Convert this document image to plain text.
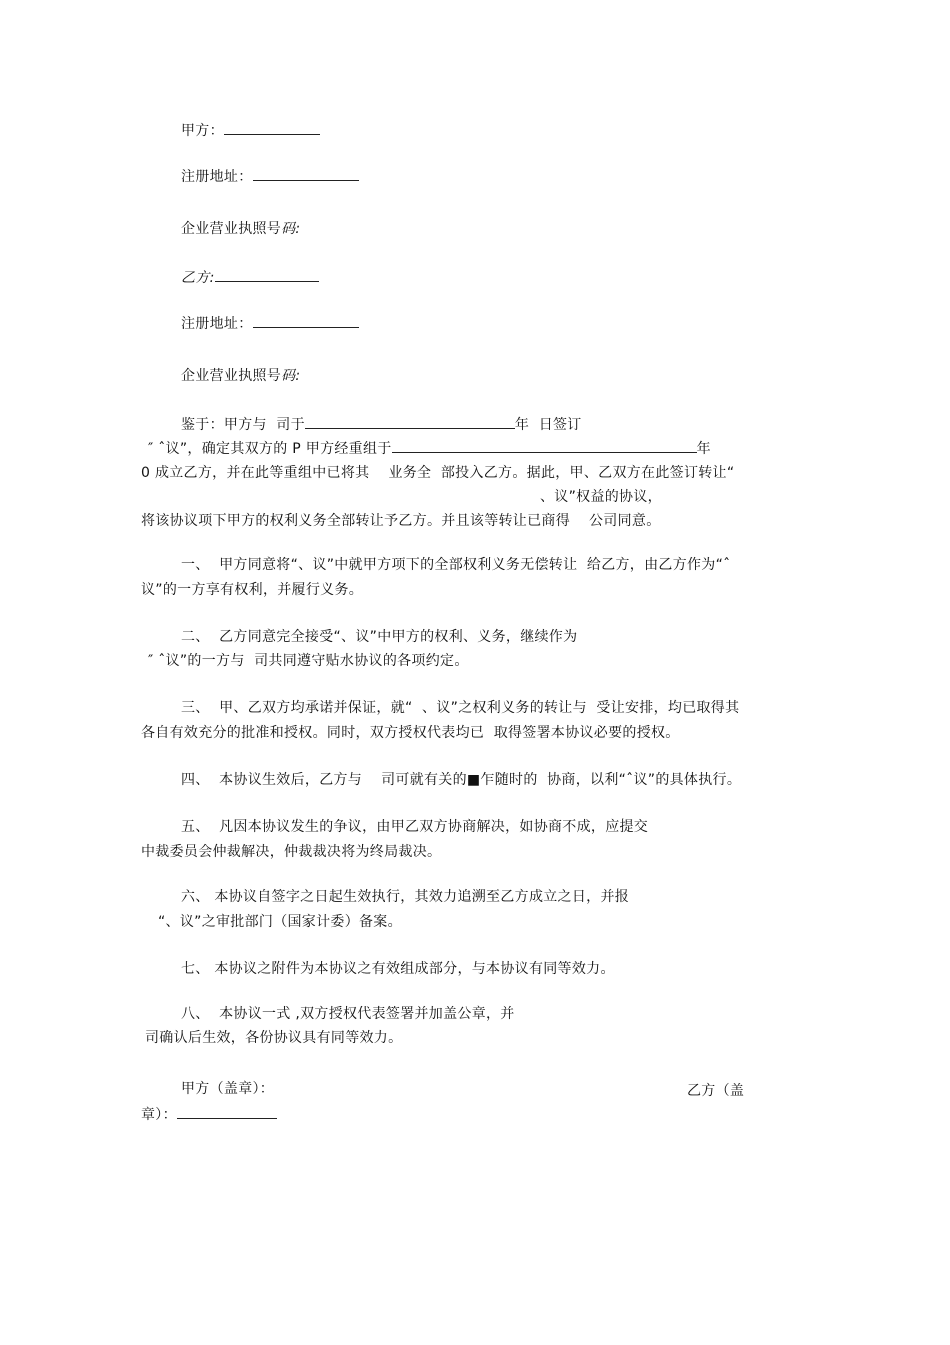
甲方：
注册地址：
企业营业执照号码:
乙方:
注册地址：
企业营业执照号码:
鉴于：甲方与  司于	年  日签订
″ ˆ议”，确定其双方的 P 甲方经重组于	年
0 成立乙方，并在此等重组中已将其    业务全  部投入乙方。据此，甲、乙双方在此签订转让“
、议”权益的协议，
将该协议项下甲方的权利义务全部转让予乙方。并且该等转让已商得    公司同意。
一、  甲方同意将“、议”中就甲方项下的全部权利义务无偿转让  给乙方，由乙方作为“ˆ
议”的一方享有权利，并履行义务。
二、  乙方同意完全接受“、议”中甲方的权利、义务，继续作为
″ ˆ议”的一方与  司共同遵守贴水协议的各项约定。
三、  甲、乙双方均承诺并保证，就“  、议”之权利义务的转让与  受让安排，均已取得其
各自有效充分的批准和授权。同时，双方授权代表均已  取得签署本协议必要的授权。
四、  本协议生效后，乙方与    司可就有关的■乍随时的  协商，以利“ˆ议”的具体执行。
五、  凡因本协议发生的争议，由甲乙双方协商解决，如协商不成，应提交
中裁委员会仲裁解决，仲裁裁决将为终局裁决。
六、 本协议自签字之日起生效执行，其效力追溯至乙方成立之日，并报
“、议”之审批部门（国家计委）备案。
七、 本协议之附件为本协议之有效组成部分，与本协议有同等效力。
八、  本协议一式 ,双方授权代表签署并加盖公章，并
司确认后生效，各份协议具有同等效力。
甲方（盖章）：	乙方（盖
章）：
